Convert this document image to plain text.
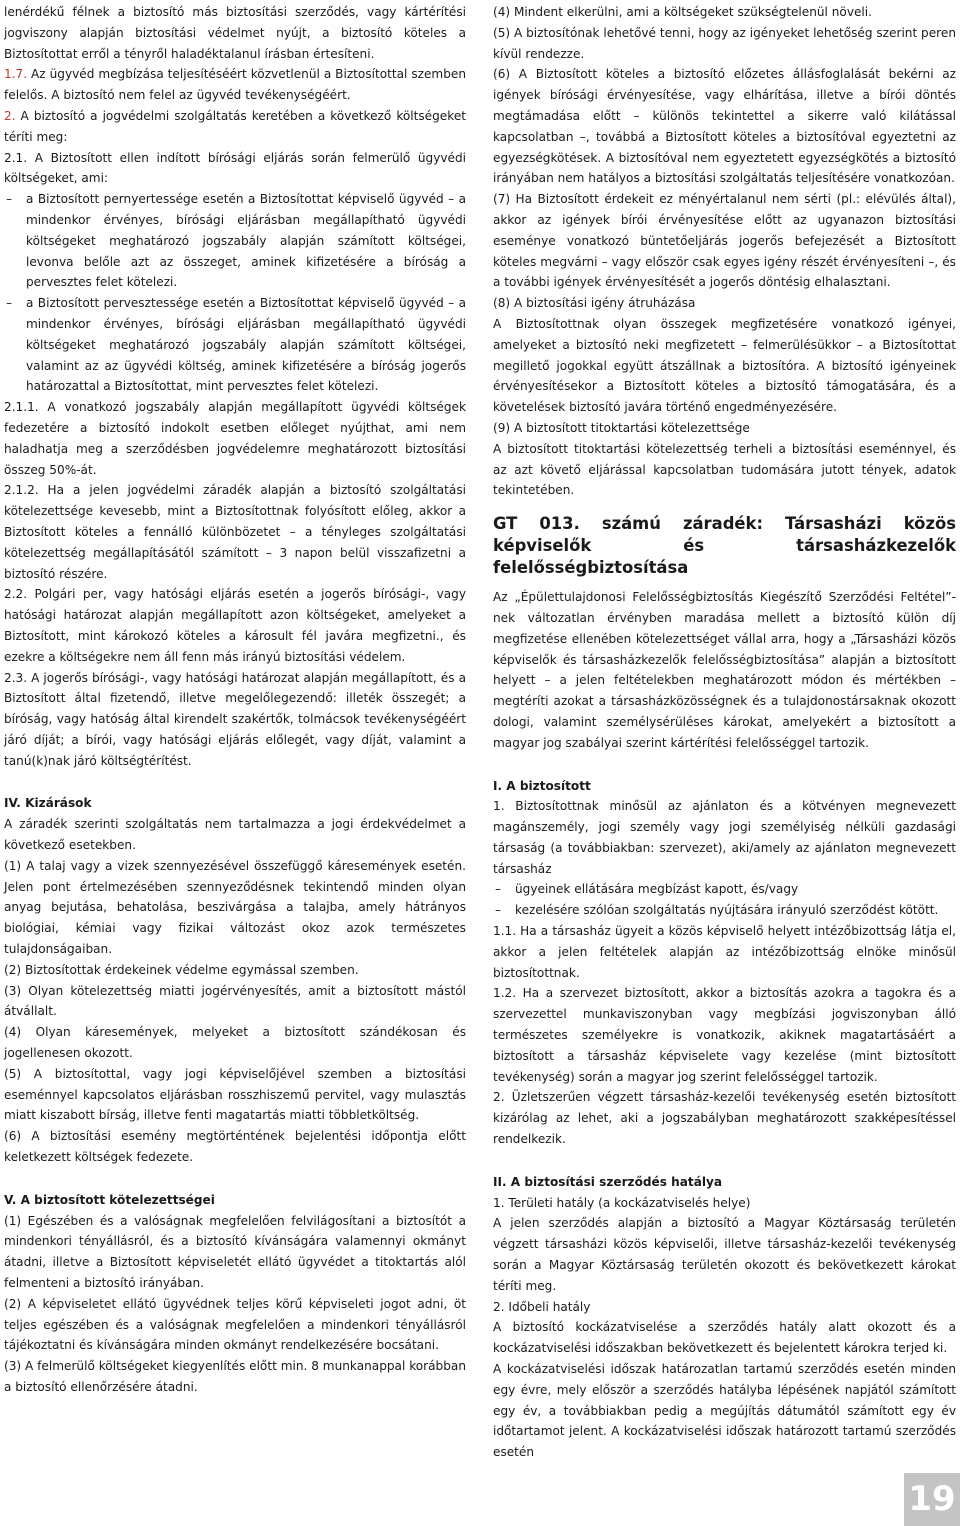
lenérdékű félnek a biztosító más biztosítási szerződés, vagy kártérítési jogviszony alapján biztosítási védelmet nyújt, a biztosító köteles a Biztosítottat erről a tényről haladéktalanul írásban értesíteni.

1.7. Az ügyvéd megbízása teljesítéséért közvetlenül a Biztosítottal szemben felelős. A biztosító nem felel az ügyvéd tevékenységéért.

2. A biztosító a jogvédelmi szolgáltatás keretében a következő költségeket téríti meg:

2.1. A Biztosított ellen indított bírósági eljárás során felmerülő ügyvédi költségeket, ami:

– a Biztosított pernyertessége esetén a Biztosítottat képviselő ügyvéd – a mindenkor érvényes, bírósági eljárásban megállapítható ügyvédi költségeket meghatározó jogszabály alapján számított költségei, levonva belőle azt az összeget, aminek kifizetésére a bíróság a pervesztes felet kötelezi.

– a Biztosított pervesztessége esetén a Biztosítottat képviselő ügyvéd – a mindenkor érvényes, bírósági eljárásban megállapítható ügyvédi költségeket meghatározó jogszabály alapján számított költségei, valamint az az ügyvédi költség, aminek kifizetésére a bíróság jogerős határozattal a Biztosítottat, mint pervesztes felet kötelezi.

2.1.1. A vonatkozó jogszabály alapján megállapított ügyvédi költségek fedezetére a biztosító indokolt esetben előleget nyújthat, ami nem haladhatja meg a szerződésben jogvédelemre meghatározott biztosítási összeg 50%-át.

2.1.2. Ha a jelen jogvédelmi záradék alapján a biztosító szolgáltatási kötelezettsége kevesebb, mint a Biztosítottnak folyósított előleg, akkor a Biztosított köteles a fennálló különbözetet – a tényleges szolgáltatási kötelezettség megállapításától számított – 3 napon belül visszafizetni a biztosító részére.

2.2. Polgári per, vagy hatósági eljárás esetén a jogerős bírósági-, vagy hatósági határozat alapján megállapított azon költségeket, amelyeket a Biztosított, mint károkozó köteles a károsult fél javára megfizetni., és ezekre a költségekre nem áll fenn más irányú biztosítási védelem.

2.3. A jogerős bírósági-, vagy hatósági határozat alapján megállapított, és a Biztosított által fizetendő, illetve megelőlegezendő: illeték összegét; a bíróság, vagy hatóság által kirendelt szakértők, tolmácsok tevékenységéért járó díját; a bírói, vagy hatósági eljárás előlegét, vagy díját, valamint a tanú(k)nak járó költségtérítést.

IV. Kizárások

A záradék szerinti szolgáltatás nem tartalmazza a jogi érdekvédelmet a következő esetekben.

(1) A talaj vagy a vizek szennyezésével összefüggő káresemények esetén. Jelen pont értelmezésében szennyeződésnek tekintendő minden olyan anyag bejutása, behatolása, beszivárgása a talajba, amely hátrányos biológiai, kémiai vagy fizikai változást okoz azok természetes tulajdonságaiban.

(2) Biztosítottak érdekeinek védelme egymással szemben.

(3) Olyan kötelezettség miatti jogérvényesítés, amit a biztosított mástól átvállalt.

(4) Olyan káresemények, melyeket a biztosított szándékosan és jogellenesen okozott.

(5) A biztosítottal, vagy jogi képviselőjével szemben a biztosítási eseménnyel kapcsolatos eljárásban rosszhiszemű pervitel, vagy mulasztás miatt kiszabott bírság, illetve fenti magatartás miatti többletköltség.

(6) A biztosítási esemény megtörténtének bejelentési időpontja előtt keletkezett költségek fedezete.

V. A biztosított kötelezettségei

(1) Egészében és a valóságnak megfelelően felvilágosítani a biztosítót a mindenkori tényállásról, és a biztosító kívánságára valamennyi okmányt átadni, illetve a Biztosított képviseletét ellátó ügyvédet a titoktartás alól felmenteni a biztosító irányában.

(2) A képviseletet ellátó ügyvédnek teljes körű képviseleti jogot adni, öt teljes egészében és a valóságnak megfelelően a mindenkori tényállásról tájékoztatni és kívánságára minden okmányt rendelkezésére bocsátani.

(3) A felmerülő költségeket kiegyenlítés előtt min. 8 munkanappal korábban a biztosító ellenőrzésére átadni.

(4) Mindent elkerülni, ami a költségeket szükségtelenül növeli.

(5) A biztosítónak lehetővé tenni, hogy az igényeket lehetőség szerint peren kívül rendezze.

(6) A Biztosított köteles a biztosító előzetes állásfoglalását bekérni az igények bírósági érvényesítése, vagy elhárítása, illetve a bírói döntés megtámadása előtt – különös tekintettel a sikerre való kilátással kapcsolatban –, továbbá a Biztosított köteles a biztosítóval egyeztetni az egyezségkötések. A biztosítóval nem egyeztetett egyezségkötés a biztosító irányában nem hatályos a biztosítási szolgáltatás teljesítésére vonatkozóan.

(7) Ha Biztosított érdekeit ez ményértalanul nem sérti (pl.: elévülés által), akkor az igények bírói érvényesítése előtt az ugyanazon biztosítási eseménye vonatkozó büntetőeljárás jogerős befejezését a Biztosított köteles megvárni – vagy először csak egyes igény részét érvényesíteni –, és a további igények érvényesítését a jogerős döntésig elhalasztani.

(8) A biztosítási igény átruházása

A Biztosítottnak olyan összegek megfizetésére vonatkozó igényei, amelyeket a biztosító neki megfizetett – felmerülésükkor – a Biztosítottat megillető jogokkal együtt átszállnak a biztosítóra. A biztosító igényeinek érvényesítésekor a Biztosított köteles a biztosító támogatására, és a követelések biztosító javára történő engedményezésére.

(9) A biztosított titoktartási kötelezettsége

A biztosított titoktartási kötelezettség terheli a biztosítási eseménnyel, és az azt követő eljárással kapcsolatban tudomására jutott tények, adatok tekintetében.

GT 013. számú záradék: Társasházi közös képviselők és társasházkezelők felelősségbiztosítása

Az „Épülettulajdonosi Felelősségbiztosítás Kiegészítő Szerződési Feltétel”-nek változatlan érvényben maradása mellett a biztosító külön díj megfizetése ellenében kötelezettséget vállal arra, hogy a „Társasházi közös képviselők és társasházkezelők felelősségbiztosítása” alapján a biztosított helyett – a jelen feltételekben meghatározott módon és mértékben – megtéríti azokat a társasházközösségnek és a tulajdonostársaknak okozott dologi, valamint személysérüléses károkat, amelyekért a biztosított a magyar jog szabályai szerint kártérítési felelősséggel tartozik.

I. A biztosított

1. Biztosítottnak minősül az ajánlaton és a kötvényen megnevezett magánszemély, jogi személy vagy jogi személyiség nélküli gazdasági társaság (a továbbiakban: szervezet), aki/amely az ajánlaton megnevezett társasház

– ügyeinek ellátására megbízást kapott, és/vagy

– kezelésére szólóan szolgáltatás nyújtására irányuló szerződést kötött.

1.1. Ha a társasház ügyeit a közös képviselő helyett intézőbizottság látja el, akkor a jelen feltételek alapján az intézőbizottság elnöke minősül biztosítottnak.

1.2. Ha a szervezet biztosított, akkor a biztosítás azokra a tagokra és a szervezettel munkaviszonyban vagy megbízási jogviszonyban álló természetes személyekre is vonatkozik, akiknek magatartásáért a biztosított a társasház képviselete vagy kezelése (mint biztosított tevékenység) során a magyar jog szerint felelősséggel tartozik.

2. Üzletszerűen végzett társasház-kezelői tevékenység esetén biztosított kizárólag az lehet, aki a jogszabályban meghatározott szakképesítéssel rendelkezik.

II. A biztosítási szerződés hatálya

1. Területi hatály (a kockázatviselés helye)

A jelen szerződés alapján a biztosító a Magyar Köztársaság területén végzett társasházi közös képviselői, illetve társasház-kezelői tevékenység során a Magyar Köztársaság területén okozott és bekövetkezett károkat téríti meg.

2. Időbeli hatály

A biztosító kockázatviselése a szerződés hatály alatt okozott és a kockázatviselési időszakban bekövetkezett és bejelentett károkra terjed ki.

A kockázatviselési időszak határozatlan tartamú szerződés esetén minden egy évre, mely először a szerződés hatályba lépésének napjától számított egy év, a továbbiakban pedig a megújítás dátumától számított egy év időtartamot jelent. A kockázatviselési időszak határozott tartamú szerződés esetén

19
